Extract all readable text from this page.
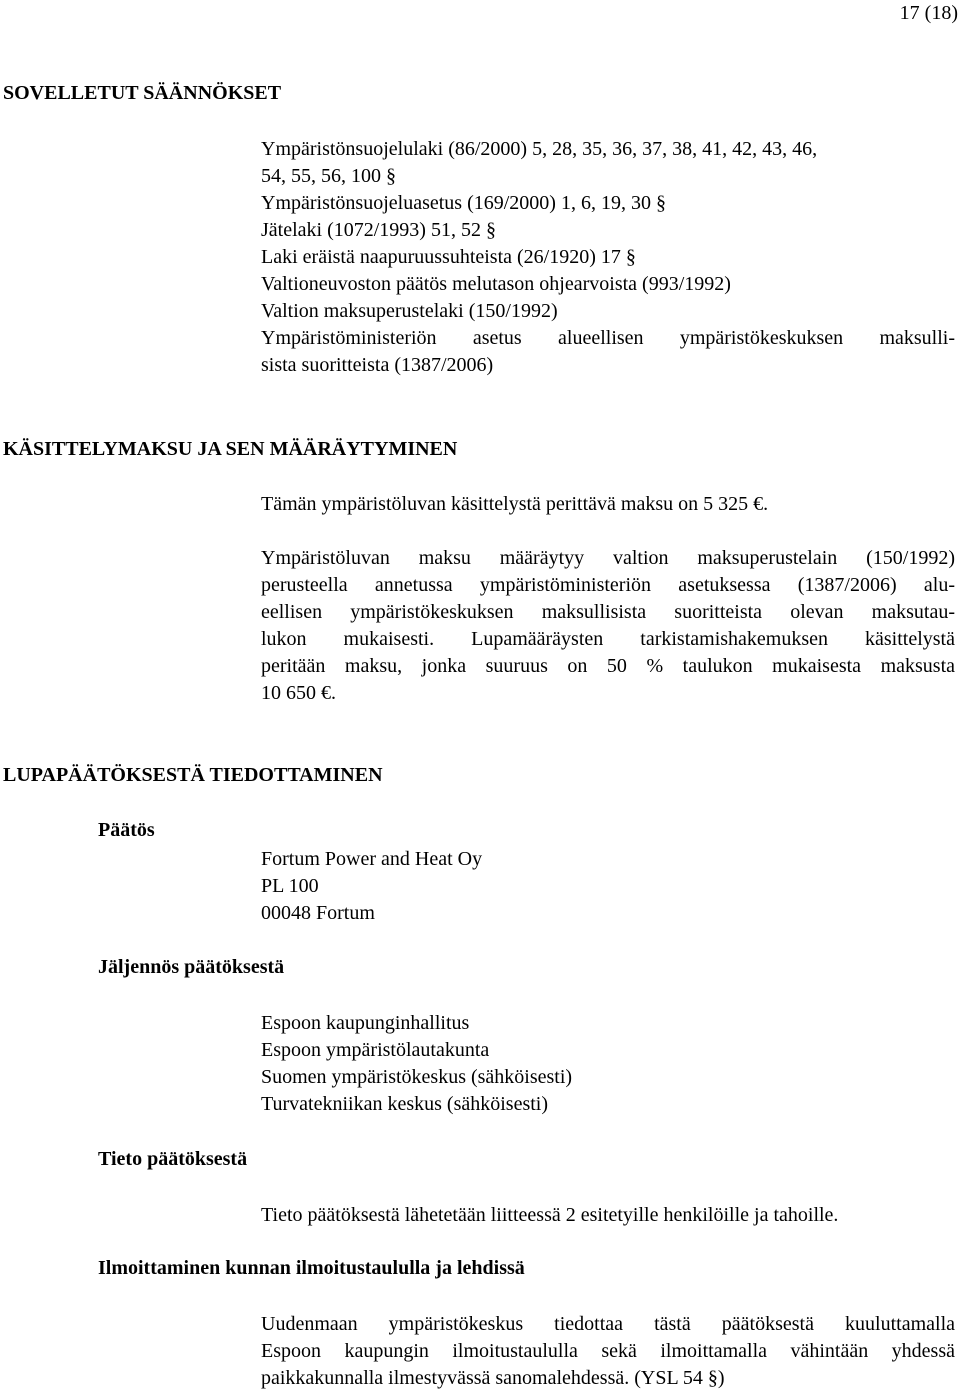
17 (18)
SOVELLETUT SÄÄNNÖKSET
Ympäristönsuojelulaki (86/2000) 5, 28, 35, 36, 37, 38, 41, 42, 43, 46,
54, 55, 56, 100 §
Ympäristönsuojeluasetus (169/2000) 1, 6, 19, 30 §
Jätelaki (1072/1993) 51, 52 §
Laki eräistä naapuruussuhteista (26/1920) 17 §
Valtioneuvoston päätös melutason ohjearvoista (993/1992)
Valtion maksuperustelaki (150/1992)
Ympäristöministeriön asetus alueellisen ympäristökeskuksen maksulli-
sista suoritteista (1387/2006)
KÄSITTELYMAKSU JA SEN MÄÄRÄYTYMINEN
Tämän ympäristöluvan käsittelystä perittävä maksu on 5 325 €.
Ympäristöluvan maksu määräytyy valtion maksuperustelain (150/1992)
perusteella annetussa ympäristöministeriön asetuksessa (1387/2006) alu-
eellisen ympäristökeskuksen maksullisista suoritteista olevan maksutau-
lukon mukaisesti. Lupamääräysten tarkistamishakemuksen käsittelystä
peritään maksu, jonka suuruus on 50 % taulukon mukaisesta maksusta
10 650 €.
LUPAPÄÄTÖKSESTÄ TIEDOTTAMINEN
Päätös
Fortum Power and Heat Oy
PL 100
00048 Fortum
Jäljennös päätöksestä
Espoon kaupunginhallitus
Espoon ympäristölautakunta
Suomen ympäristökeskus (sähköisesti)
Turvatekniikan keskus (sähköisesti)
Tieto päätöksestä
Tieto päätöksestä lähetetään liitteessä 2 esitetyille henkilöille ja tahoille.
Ilmoittaminen kunnan ilmoitustaululla ja lehdissä
Uudenmaan ympäristökeskus tiedottaa tästä päätöksestä kuuluttamalla
Espoon kaupungin ilmoitustaululla sekä ilmoittamalla vähintään yhdessä
paikkakunnalla ilmestyvässä sanomalehdessä. (YSL 54 §)
